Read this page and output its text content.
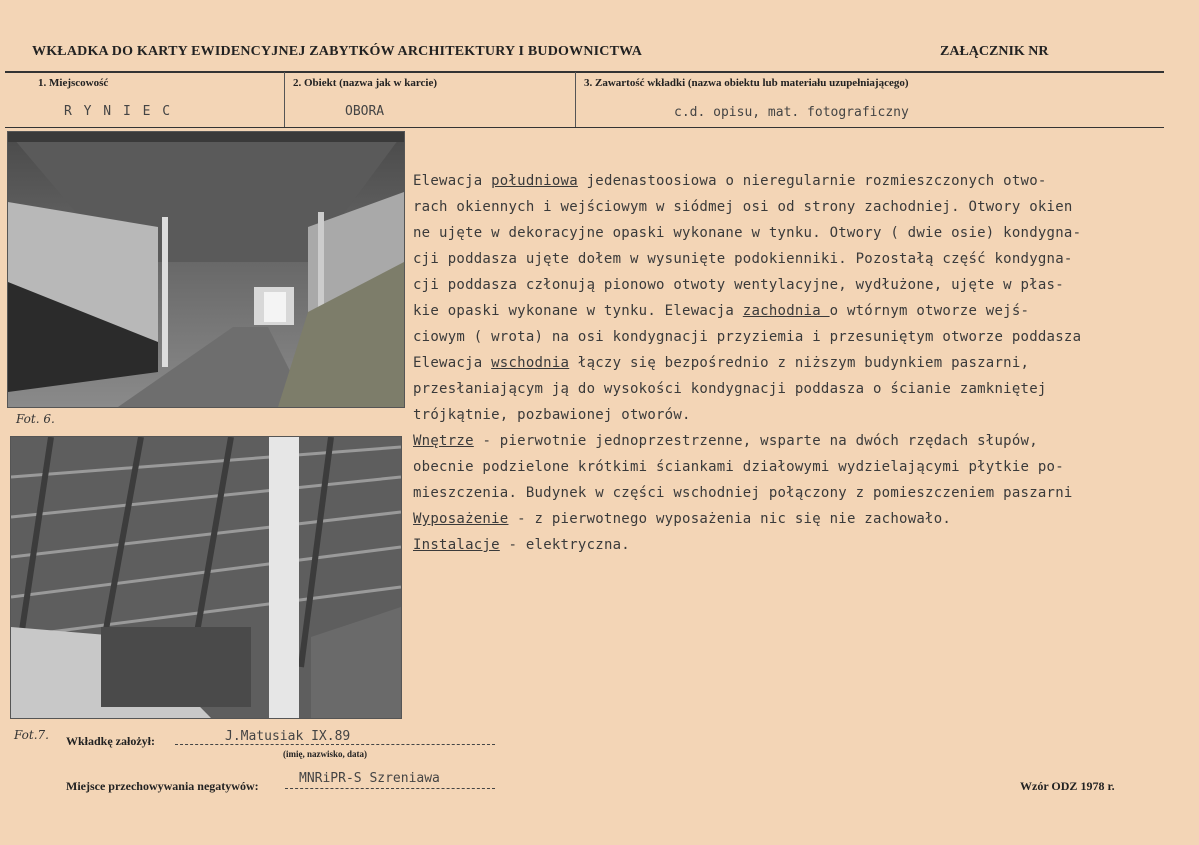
WKŁADKA DO KARTY EWIDENCYJNEJ ZABYTKÓW ARCHITEKTURY I BUDOWNICTWA	ZAŁĄCZNIK NR
1. Miejscowość
R Y N I E C
2. Obiekt (nazwa jak w karcie)
OBORA
3. Zawartość wkładki (nazwa obiektu lub materiału uzupełniającego)
c.d. opisu, mat. fotograficzny
Fot. 6.
Fot.7.

Elewacja południowa jedenastoosiowa o nieregularnie rozmieszczonych otwo-

rach okiennych i wejściowym w siódmej osi od strony zachodniej. Otwory okien

ne ujęte w dekoracyjne opaski wykonane w tynku. Otwory ( dwie osie) kondygna-

cji poddasza ujęte dołem w wysunięte podokienniki. Pozostałą część kondygna-

cji poddasza członują pionowo otwoty wentylacyjne, wydłużone, ujęte w płas-

kie opaski wykonane w tynku. Elewacja zachodnia o wtórnym otworze wejś-

ciowym ( wrota) na osi kondygnacji przyziemia i przesuniętym otworze poddasza

Elewacja wschodnia łączy się bezpośrednio z niższym budynkiem paszarni,

przesłaniającym ją do wysokości kondygnacji poddasza o ścianie zamkniętej

trójkątnie, pozbawionej otworów.

Wnętrze - pierwotnie jednoprzestrzenne, wsparte na dwóch rzędach słupów,

obecnie podzielone krótkimi ściankami działowymi wydzielającymi płytkie po-

mieszczenia. Budynek w części wschodniej połączony z pomieszczeniem paszarni

Wyposażenie - z pierwotnego wyposażenia nic się nie zachowało.

Instalacje - elektryczna.

Wkładkę założył:	J.Matusiak IX.89
(imię, nazwisko, data)
Miejsce przechowywania negatywów:	MNRiPR-S Szreniawa	Wzór ODZ 1978 r.
